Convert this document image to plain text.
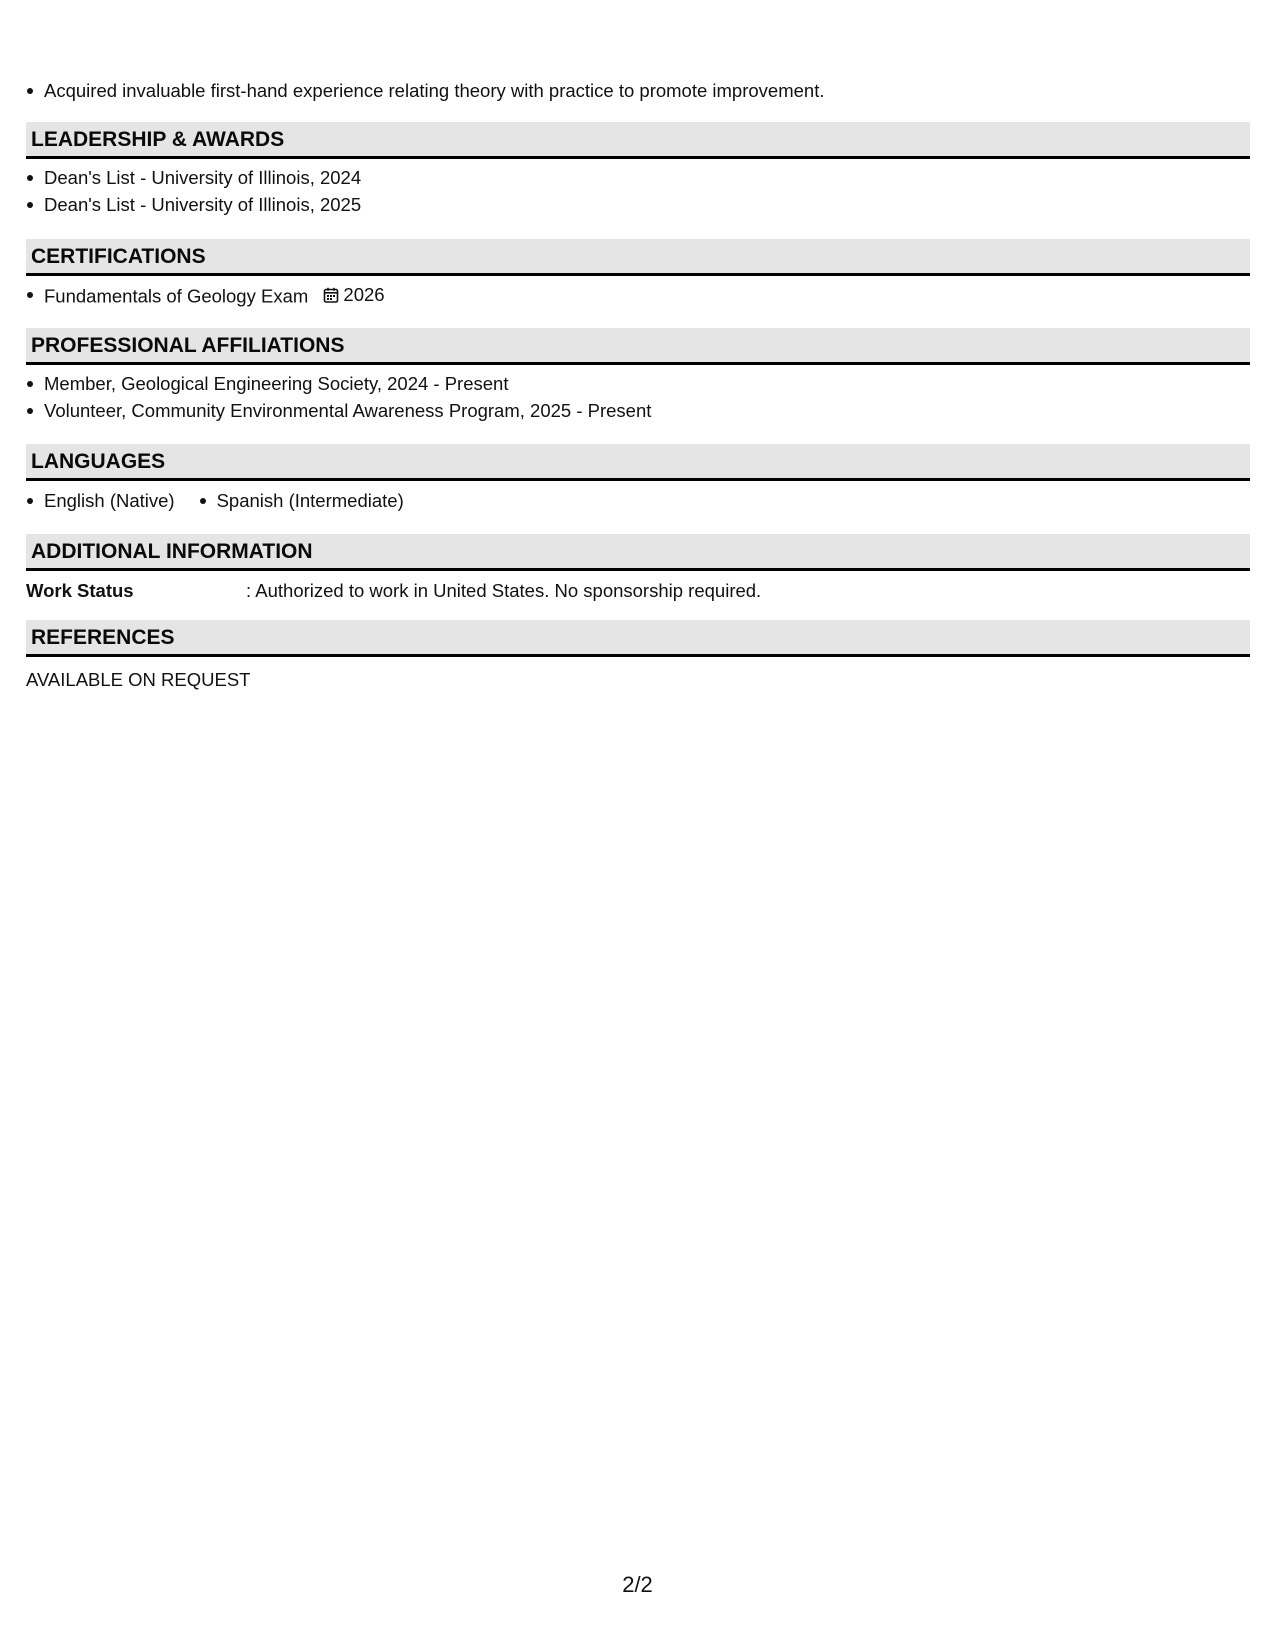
Acquired invaluable first-hand experience relating theory with practice to promote improvement.
LEADERSHIP & AWARDS
Dean's List - University of Illinois, 2024
Dean's List - University of Illinois, 2025
CERTIFICATIONS
Fundamentals of Geology Exam 2026
PROFESSIONAL AFFILIATIONS
Member, Geological Engineering Society, 2024 - Present
Volunteer, Community Environmental Awareness Program, 2025 - Present
LANGUAGES
English (Native)	Spanish (Intermediate)
ADDITIONAL INFORMATION
Work Status	: Authorized to work in United States. No sponsorship required.
REFERENCES
AVAILABLE ON REQUEST
2/2
